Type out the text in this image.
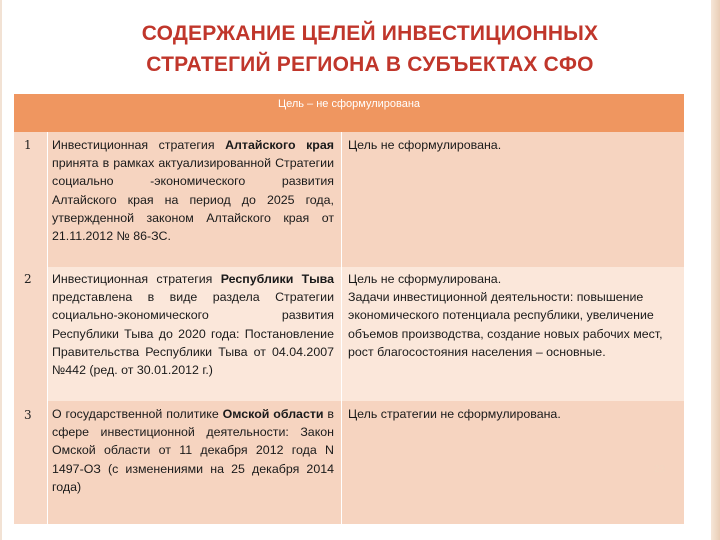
СОДЕРЖАНИЕ ЦЕЛЕЙ ИНВЕСТИЦИОННЫХ
СТРАТЕГИЙ РЕГИОНА В СУБЪЕКТАХ СФО
Цель – не сформулирована
1 Инвестиционная стратегия Алтайского края принята в рамках актуализированной Стратегии социально -экономического развития Алтайского края на период до 2025 года, утвержденной законом Алтайского края от 21.11.2012 № 86-ЗС.
Цель не сформулирована.
2 Инвестиционная стратегия Республики Тыва представлена в виде раздела Стратегии социально-экономического развития Республики Тыва до 2020 года: Постановление Правительства Республики Тыва от 04.04.2007 №442 (ред. от 30.01.2012 г.)
Цель не сформулирована.
Задачи инвестиционной деятельности: повышение экономического потенциала республики, увеличение объемов производства, создание новых рабочих мест, рост благосостояния населения – основные.
3 О государственной политике Омской области в сфере инвестиционной деятельности: Закон Омской области от 11 декабря 2012 года N 1497-ОЗ (с изменениями на 25 декабря 2014 года)
Цель стратегии не сформулирована.
23
